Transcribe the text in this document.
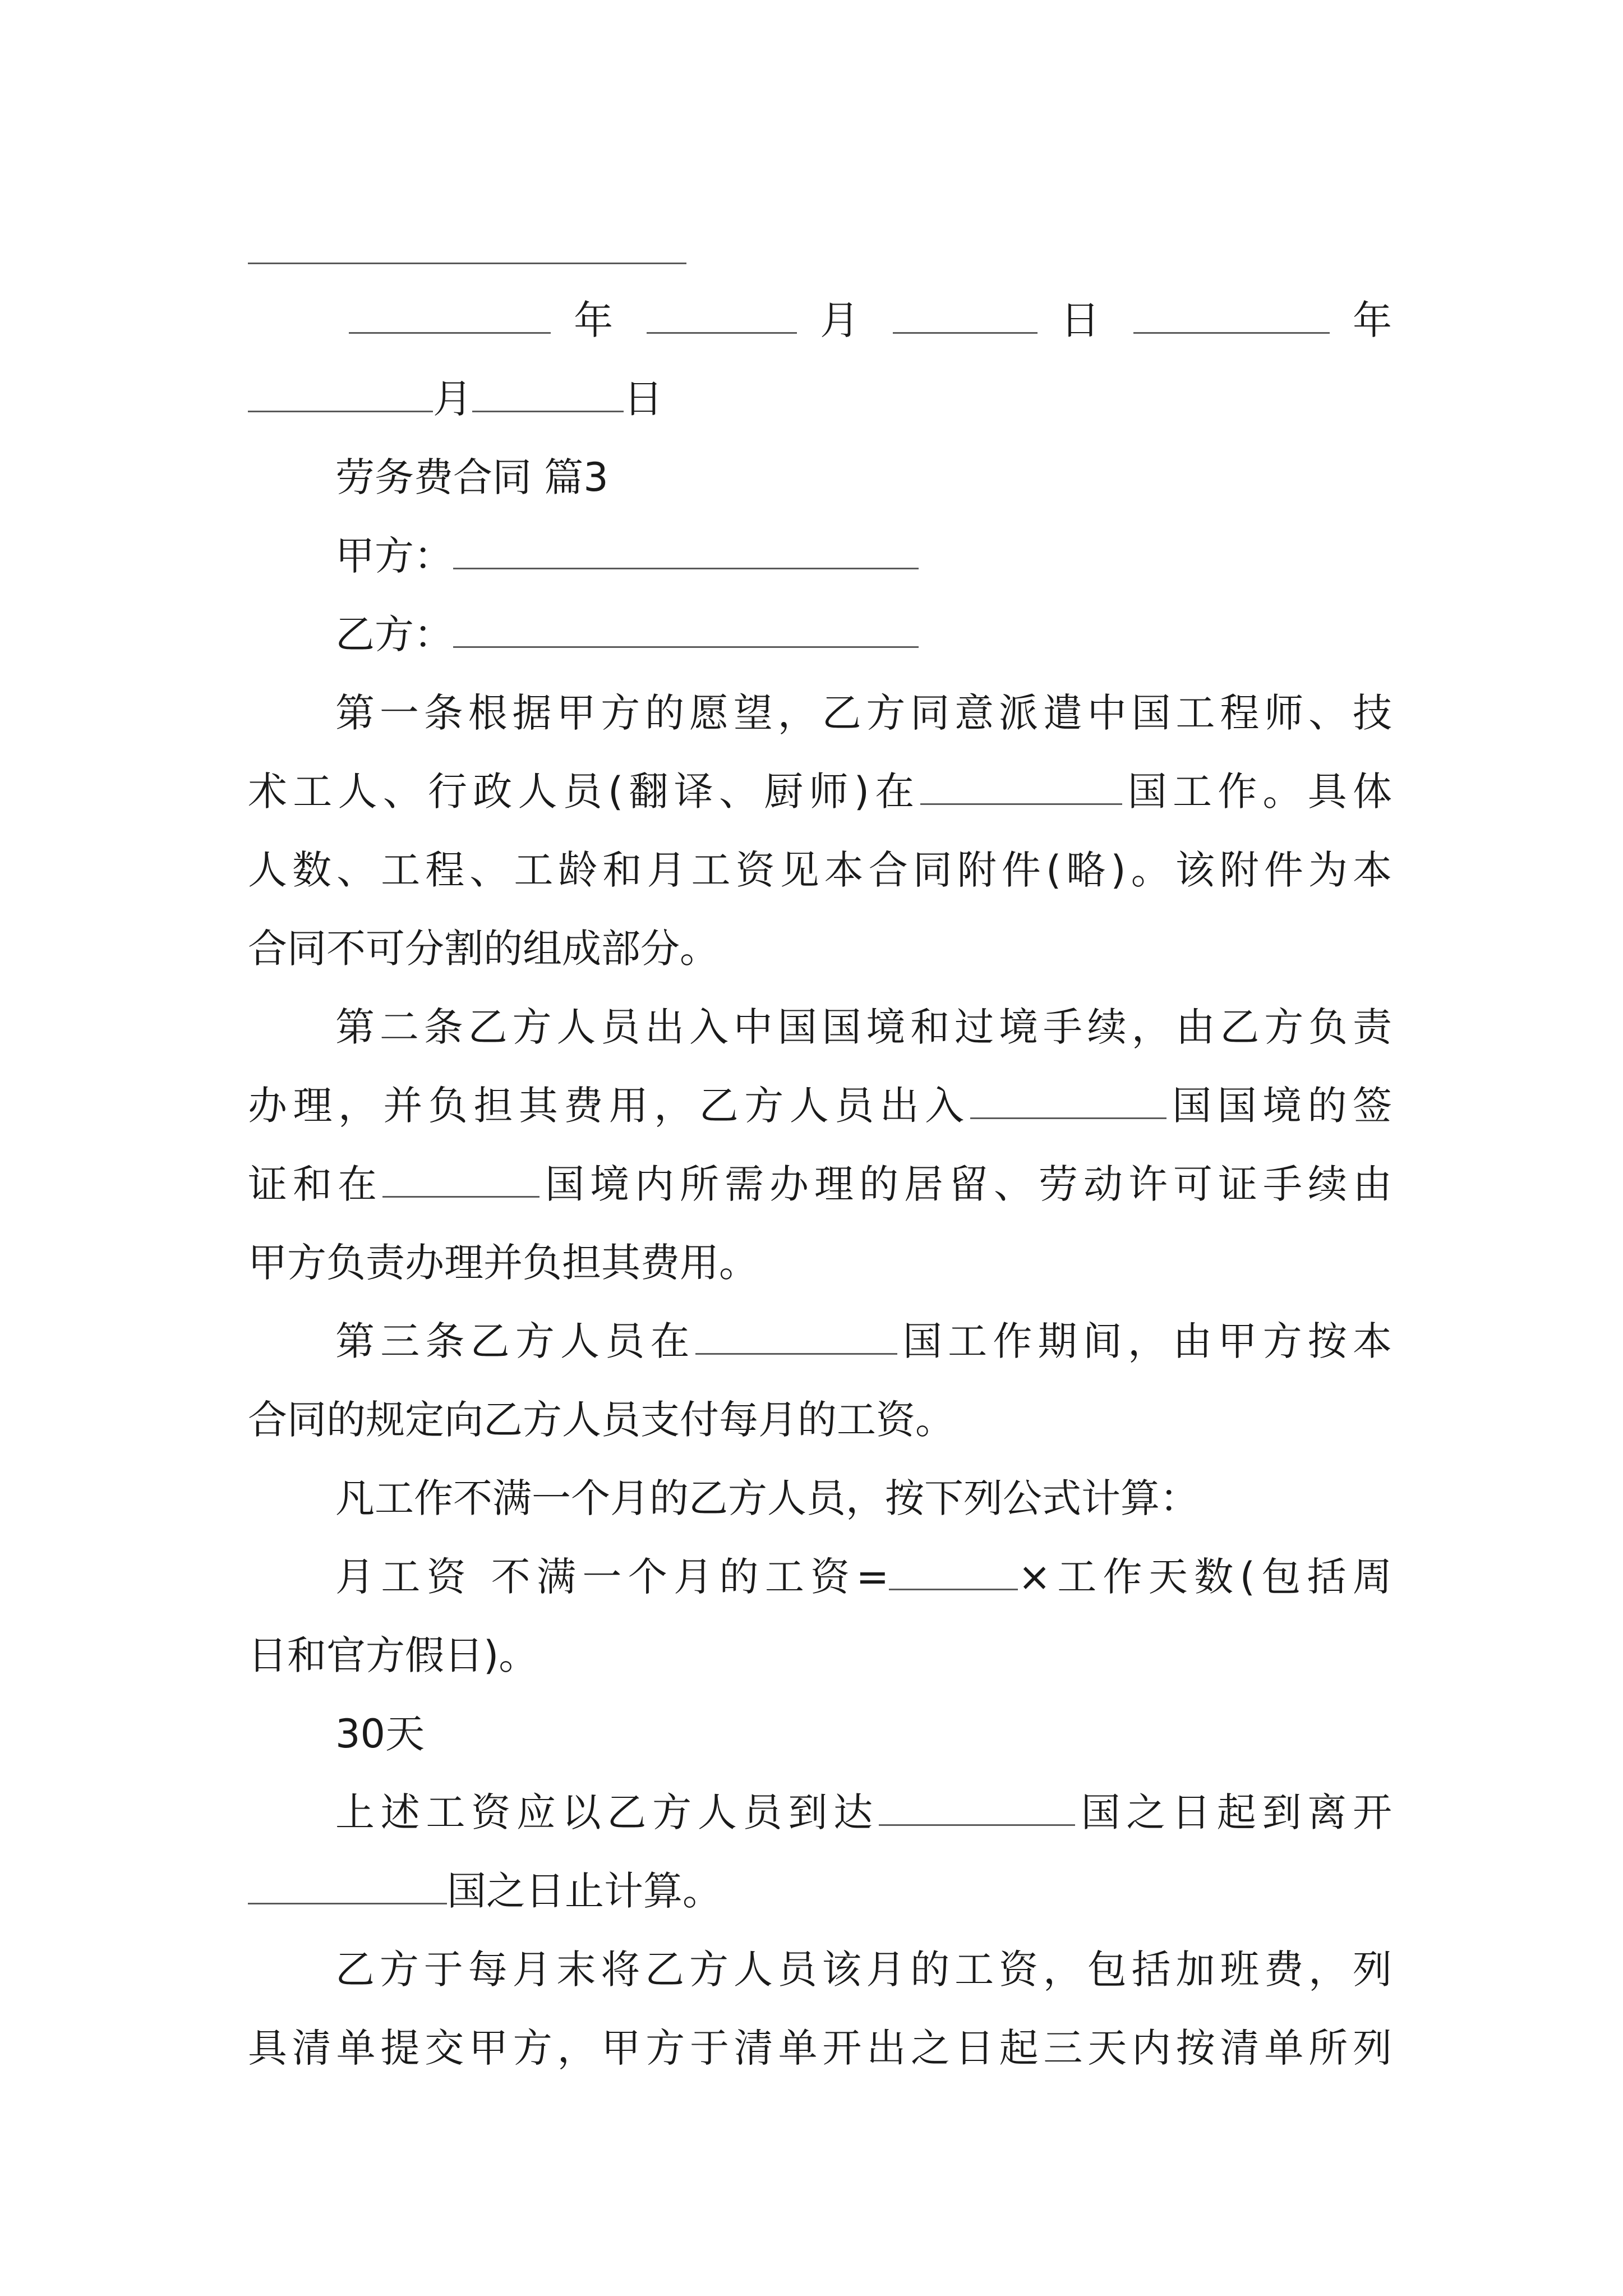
年	月	日	年
月	日
劳务费合同 篇3
甲方：
乙方：
第一条根据甲方的愿望，乙方同意派遣中国工程师、技
术工人、行政人员(翻译、厨师)在	国工作。具体
人数、工程、工龄和月工资见本合同附件(略)。该附件为本
合同不可分割的组成部分。
第二条乙方人员出入中国国境和过境手续，由乙方负责
办理，并负担其费用，乙方人员出入	国国境的签
证和在	国境内所需办理的居留、劳动许可证手续由
甲方负责办理并负担其费用。
第三条乙方人员在	国工作期间，由甲方按本
合同的规定向乙方人员支付每月的工资。
凡工作不满一个月的乙方人员，按下列公式计算：
月工资 不满一个月的工资=	×工作天数(包括周
日和官方假日)。
30天
上述工资应以乙方人员到达	国之日起到离开
国之日止计算。
乙方于每月末将乙方人员该月的工资，包括加班费，列
具清单提交甲方，甲方于清单开出之日起三天内按清单所列
